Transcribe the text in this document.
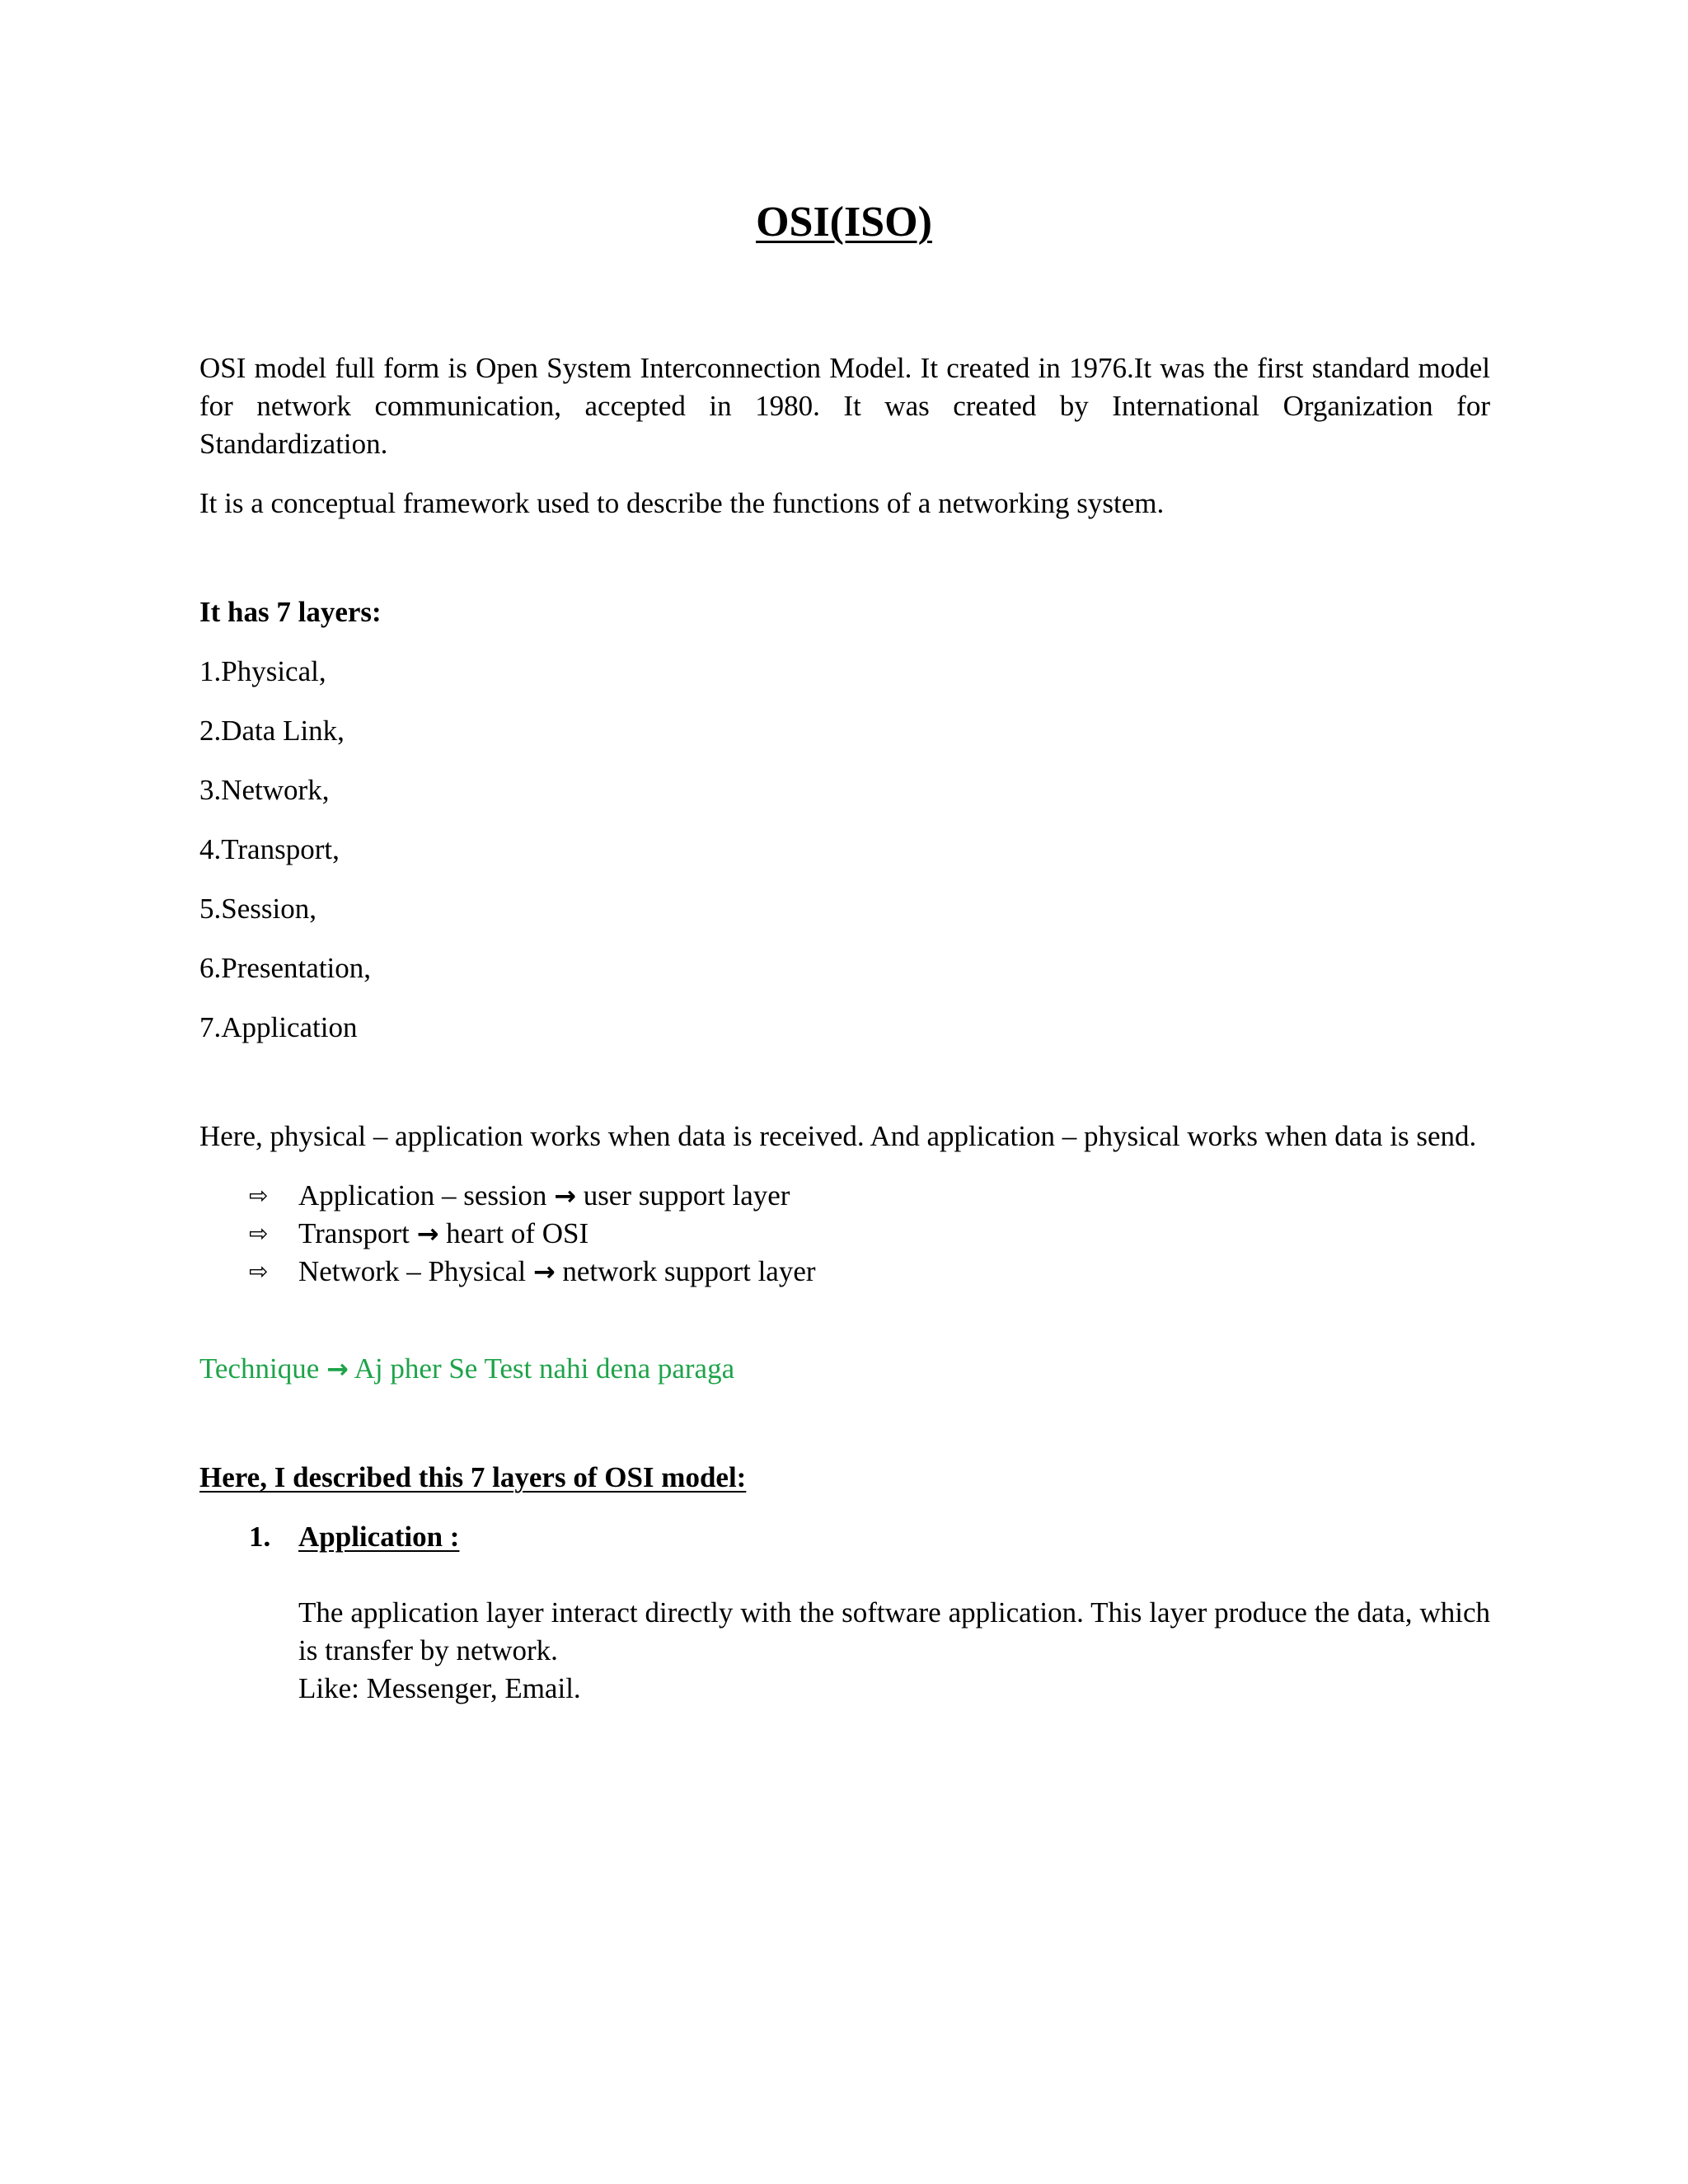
OSI(ISO)

OSI model full form is Open System Interconnection Model. It created in 1976.It was the first standard model for network communication, accepted in 1980. It was created by International Organization for Standardization.

It is a conceptual framework used to describe the functions of a networking system.

It has 7 layers:

1.Physical,
2.Data Link,
3.Network,
4.Transport,
5.Session,
6.Presentation,
7.Application

Here, physical – application works when data is received. And application – physical works when data is send.

⇨ Application – session → user support layer
⇨ Transport → heart of OSI
⇨ Network – Physical → network support layer

Technique → Aj pher Se Test nahi dena paraga

Here, I described this 7 layers of OSI model:

1. Application :
The application layer interact directly with the software application. This layer produce the data, which is transfer by network.
Like: Messenger, Email.
